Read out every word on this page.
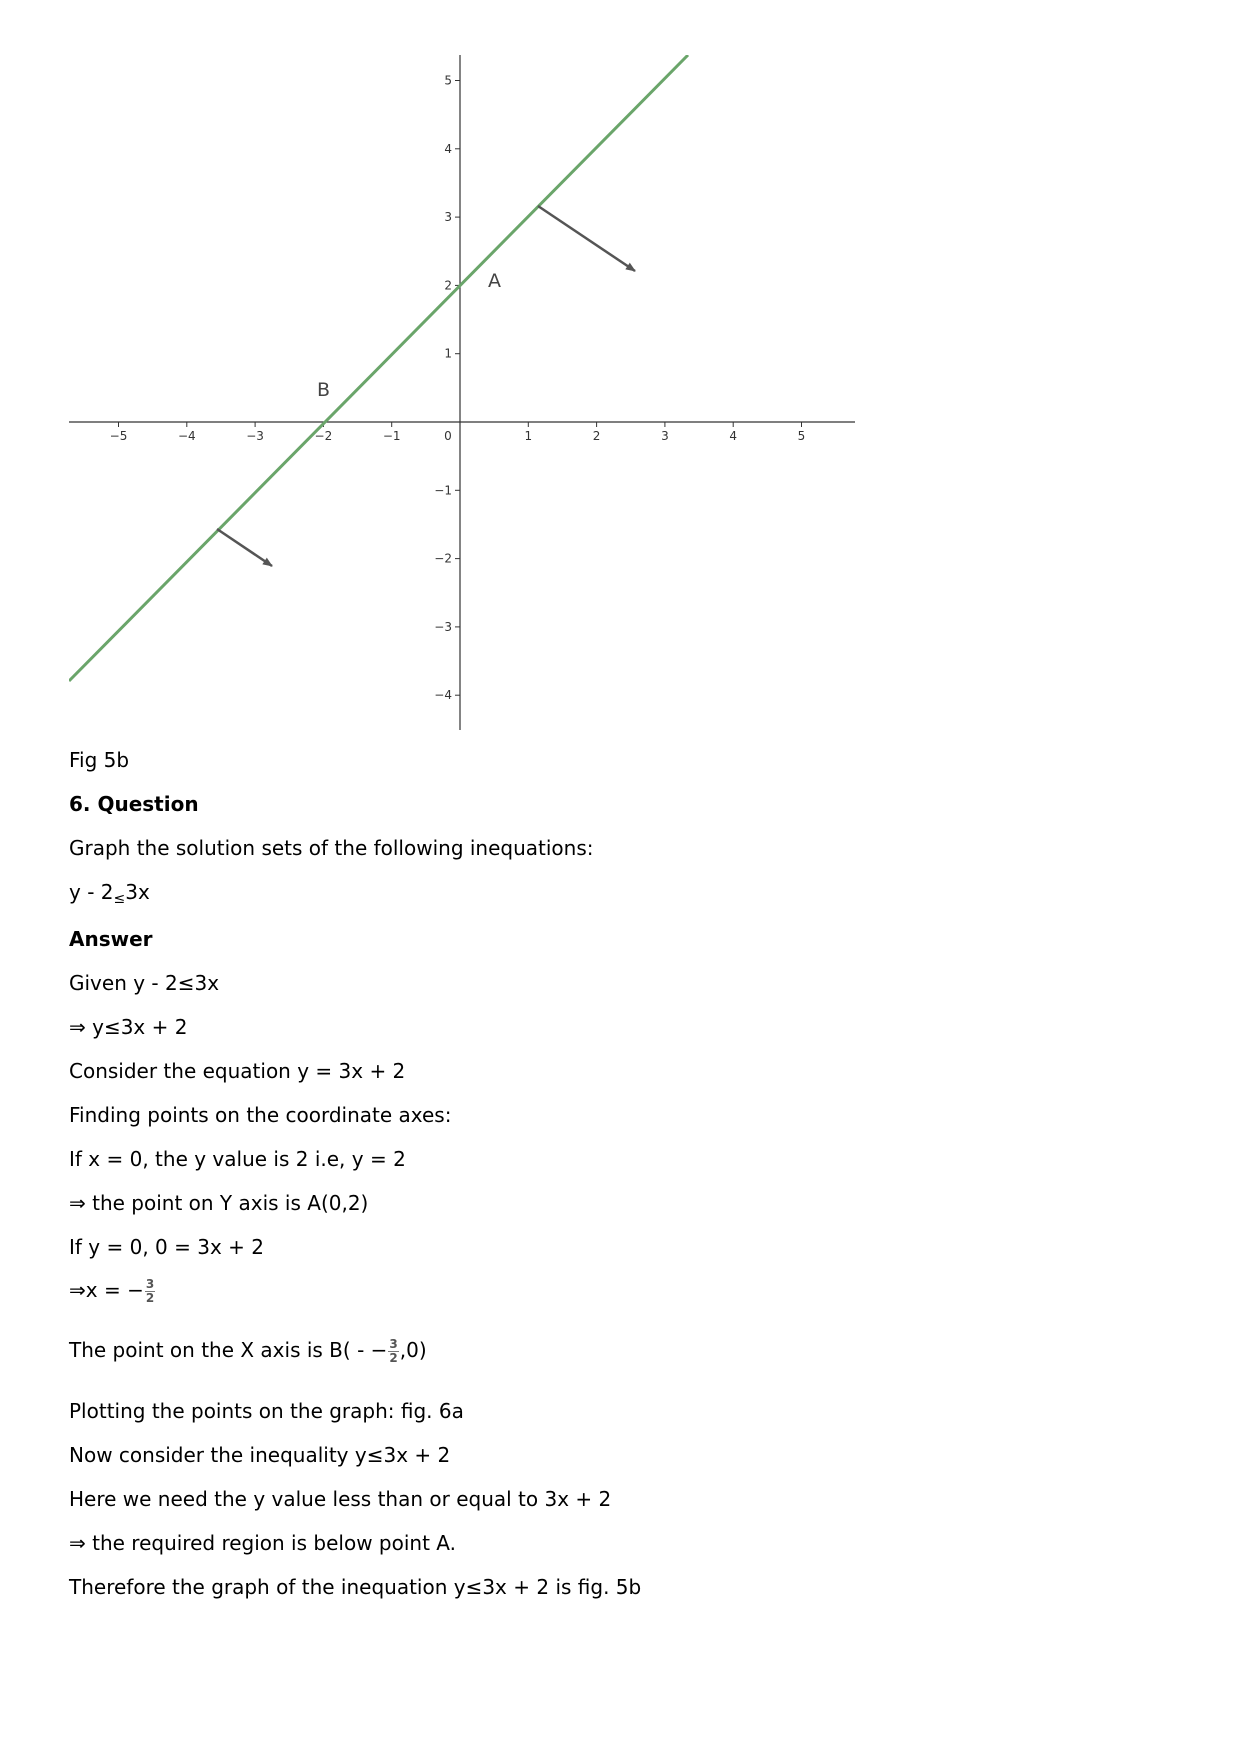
−5	−4	−3	−2	−1	0	1	2	3	4	5
5
4
3
2
1
−1
−2
−3
−4
A
B

Fig 5b

6. Question

Graph the solution sets of the following inequations:

y - $2_\le 3x$

Answer

Given y - 2≤3x

⇒ y≤3x + 2

Consider the equation y = 3x + 2

Finding points on the coordinate axes:

If x = 0, the y value is 2 i.e, y = 2

⇒ the point on Y axis is A(0,2)

If y = 0, 0 = 3x + 2

⇒x = − $\frac{3}{2}$

The point on the X axis is B( - − $\frac{3}{2} ,0$)

Plotting the points on the graph: fig. 6a

Now consider the inequality y≤3x + 2

Here we need the y value less than or equal to 3x + 2

⇒ the required region is below point A.

Therefore the graph of the inequation y≤3x + 2 is fig. 5b
